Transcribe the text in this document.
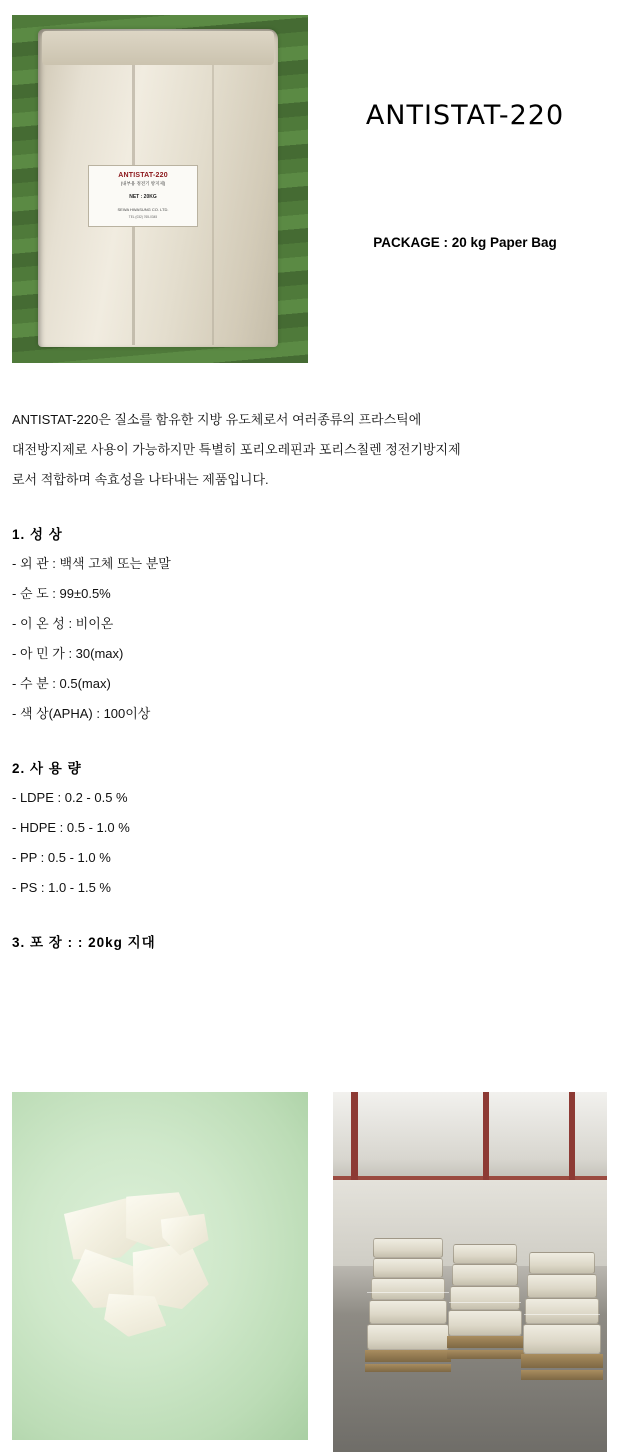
ANTISTAT-220
(내부용 정전기 방지제)
NET : 20KG
SEWA HWASUNG CO. LTD.
TEL (032) 765-0345
ANTISTAT-220
PACKAGE : 20 kg Paper Bag
ANTISTAT-220은 질소를 함유한 지방 유도체로서 여러종류의 프라스틱에
대전방지제로 사용이 가능하지만 특별히 포리오레핀과 포리스칠렌 정전기방지제
로서 적합하며 속효성을 나타내는 제품입니다.
1. 성 상
- 외 관 : 백색 고체 또는 분말
- 순 도 : 99±0.5%
- 이 온 성 : 비이온
- 아 민 가 : 30(max)
- 수 분 : 0.5(max)
- 색 상(APHA) : 100이상
2. 사 용 량
- LDPE : 0.2 - 0.5 %
- HDPE : 0.5 - 1.0 %
- PP : 0.5 - 1.0 %
- PS : 1.0 - 1.5 %
3. 포 장 : : 20kg 지대
